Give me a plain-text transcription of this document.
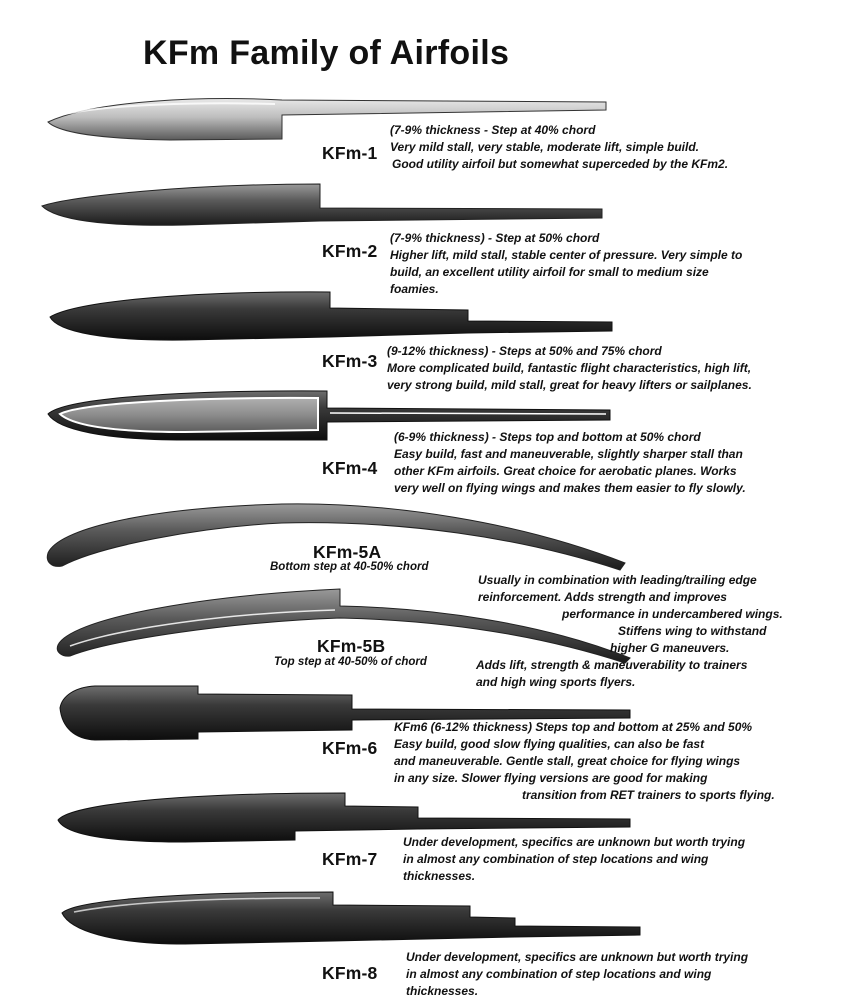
KFm Family of Airfoils
KFm-1
(7-9% thickness - Step at 40% chord
Very mild stall, very stable, moderate lift, simple build.
Good utility airfoil but somewhat superceded by the KFm2.
KFm-2
(7-9% thickness) - Step at 50% chord
Higher lift, mild stall, stable center of pressure. Very simple to
build, an excellent utility airfoil for small to medium size
foamies.
KFm-3 (9-12% thickness) - Steps at 50% and 75% chord
More complicated build, fantastic flight characteristics, high lift,
very strong build, mild stall, great for heavy lifters or sailplanes.
KFm-4
(6-9% thickness) - Steps top and bottom at 50% chord
Easy build, fast and maneuverable, slightly sharper stall than
other KFm airfoils. Great choice for aerobatic planes. Works
very well on flying wings and makes them easier to fly slowly.
KFm-5A
Bottom step at 40-50% chord
Usually in combination with leading/trailing edge
reinforcement. Adds strength and improves
performance in undercambered wings.
Stiffens wing to withstand
higher G maneuvers.
Adds lift, strength & maneuverability to trainers
and high wing sports flyers.
KFm-5B
Top step at 40-50% of chord
KFm-6
KFm6 (6-12% thickness) Steps top and bottom at 25% and 50%
Easy build, good slow flying qualities, can also be fast
and maneuverable. Gentle stall, great choice for flying wings
in any size. Slower flying versions are good for making
transition from RET trainers to sports flying.
KFm-7
Under development, specifics are unknown but worth trying
in almost any combination of step locations and wing
thicknesses.
KFm-8
Under development, specifics are unknown but worth trying
in almost any combination of step locations and wing
thicknesses.
